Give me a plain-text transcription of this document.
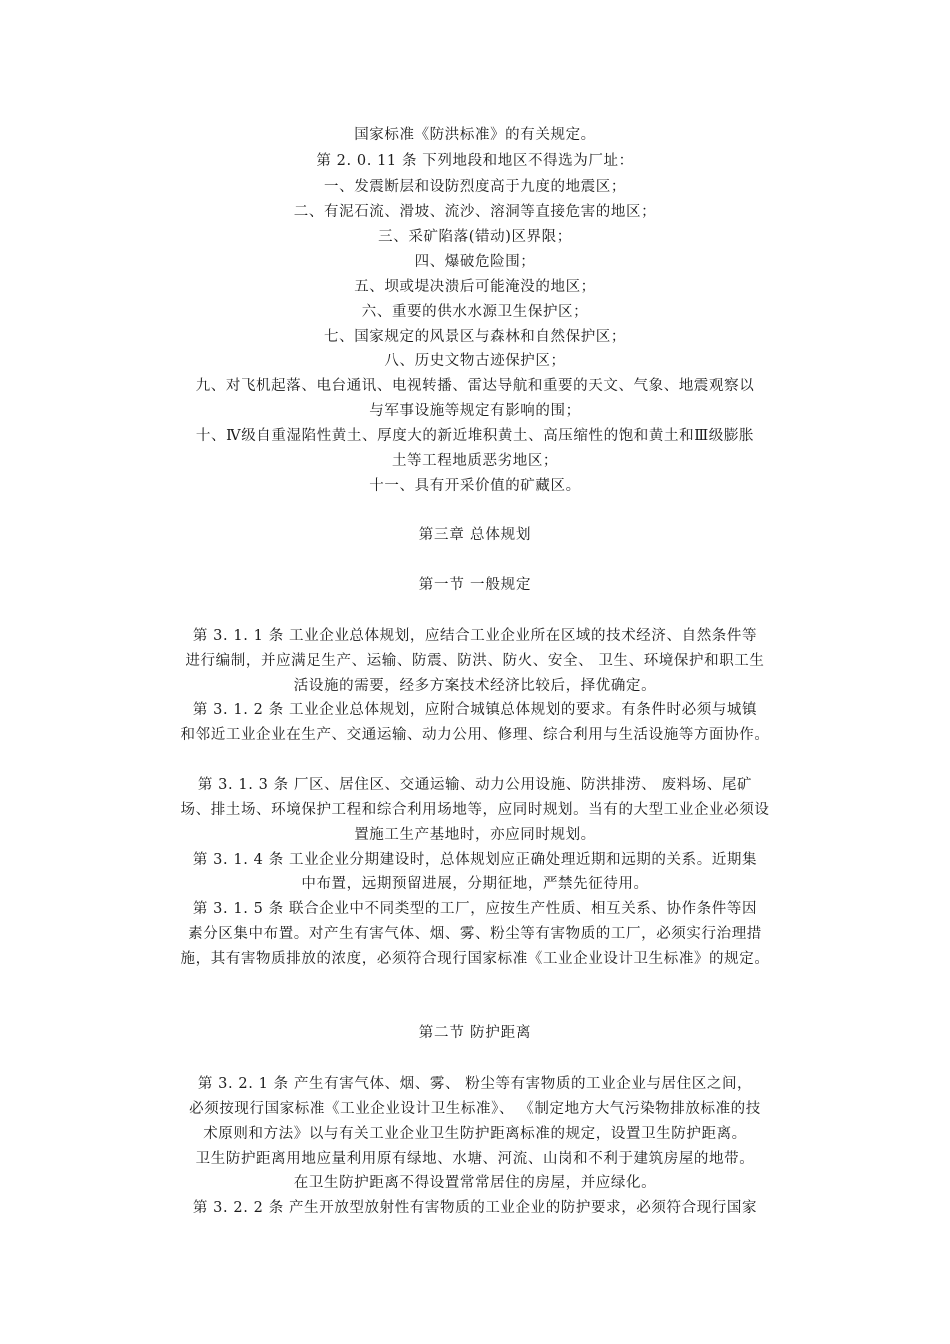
国家标准《防洪标准》的有关规定。
第 2. 0. 11 条 下列地段和地区不得选为厂址：
一、发震断层和设防烈度高于九度的地震区；
二、有泥石流、滑坡、流沙、溶洞等直接危害的地区；
三、采矿陷落(错动)区界限；
四、爆破危险围；
五、坝或堤决溃后可能淹没的地区；
六、重要的供水水源卫生保护区；
七、国家规定的风景区与森林和自然保护区；
八、历史文物古迹保护区；
九、对飞机起落、电台通讯、电视转播、雷达导航和重要的天文、气象、地震观察以
与军事设施等规定有影响的围；
十、Ⅳ级自重湿陷性黄土、厚度大的新近堆积黄土、高压缩性的饱和黄土和Ⅲ级膨胀
土等工程地质恶劣地区；
十一、具有开采价值的矿藏区。
第三章 总体规划
第一节 一般规定
第 3. 1. 1 条 工业企业总体规划，应结合工业企业所在区域的技术经济、自然条件等
进行编制，并应满足生产、运输、防震、防洪、防火、安全、 卫生、环境保护和职工生
活设施的需要，经多方案技术经济比较后，择优确定。
第 3. 1. 2 条 工业企业总体规划，应附合城镇总体规划的要求。有条件时必须与城镇
和邻近工业企业在生产、交通运输、动力公用、修理、综合利用与生活设施等方面协作。
第 3. 1. 3 条 厂区、居住区、交通运输、动力公用设施、防洪排涝、 废料场、尾矿
场、排土场、环境保护工程和综合利用场地等，应同时规划。当有的大型工业企业必须设
置施工生产基地时，亦应同时规划。
第 3. 1. 4 条 工业企业分期建设时，总体规划应正确处理近期和远期的关系。近期集
中布置，远期预留进展，分期征地，严禁先征待用。
第 3. 1. 5 条 联合企业中不同类型的工厂，应按生产性质、相互关系、协作条件等因
素分区集中布置。对产生有害气体、烟、雾、粉尘等有害物质的工厂，必须实行治理措
施，其有害物质排放的浓度，必须符合现行国家标准《工业企业设计卫生标准》的规定。
第二节 防护距离
第 3. 2. 1 条 产生有害气体、烟、雾、 粉尘等有害物质的工业企业与居住区之间，
必须按现行国家标准《工业企业设计卫生标准》、 《制定地方大气污染物排放标准的技
术原则和方法》以与有关工业企业卫生防护距离标准的规定，设置卫生防护距离。
卫生防护距离用地应量利用原有绿地、水塘、河流、山岗和不利于建筑房屋的地带。
在卫生防护距离不得设置常常居住的房屋，并应绿化。
第 3. 2. 2 条 产生开放型放射性有害物质的工业企业的防护要求，必须符合现行国家
